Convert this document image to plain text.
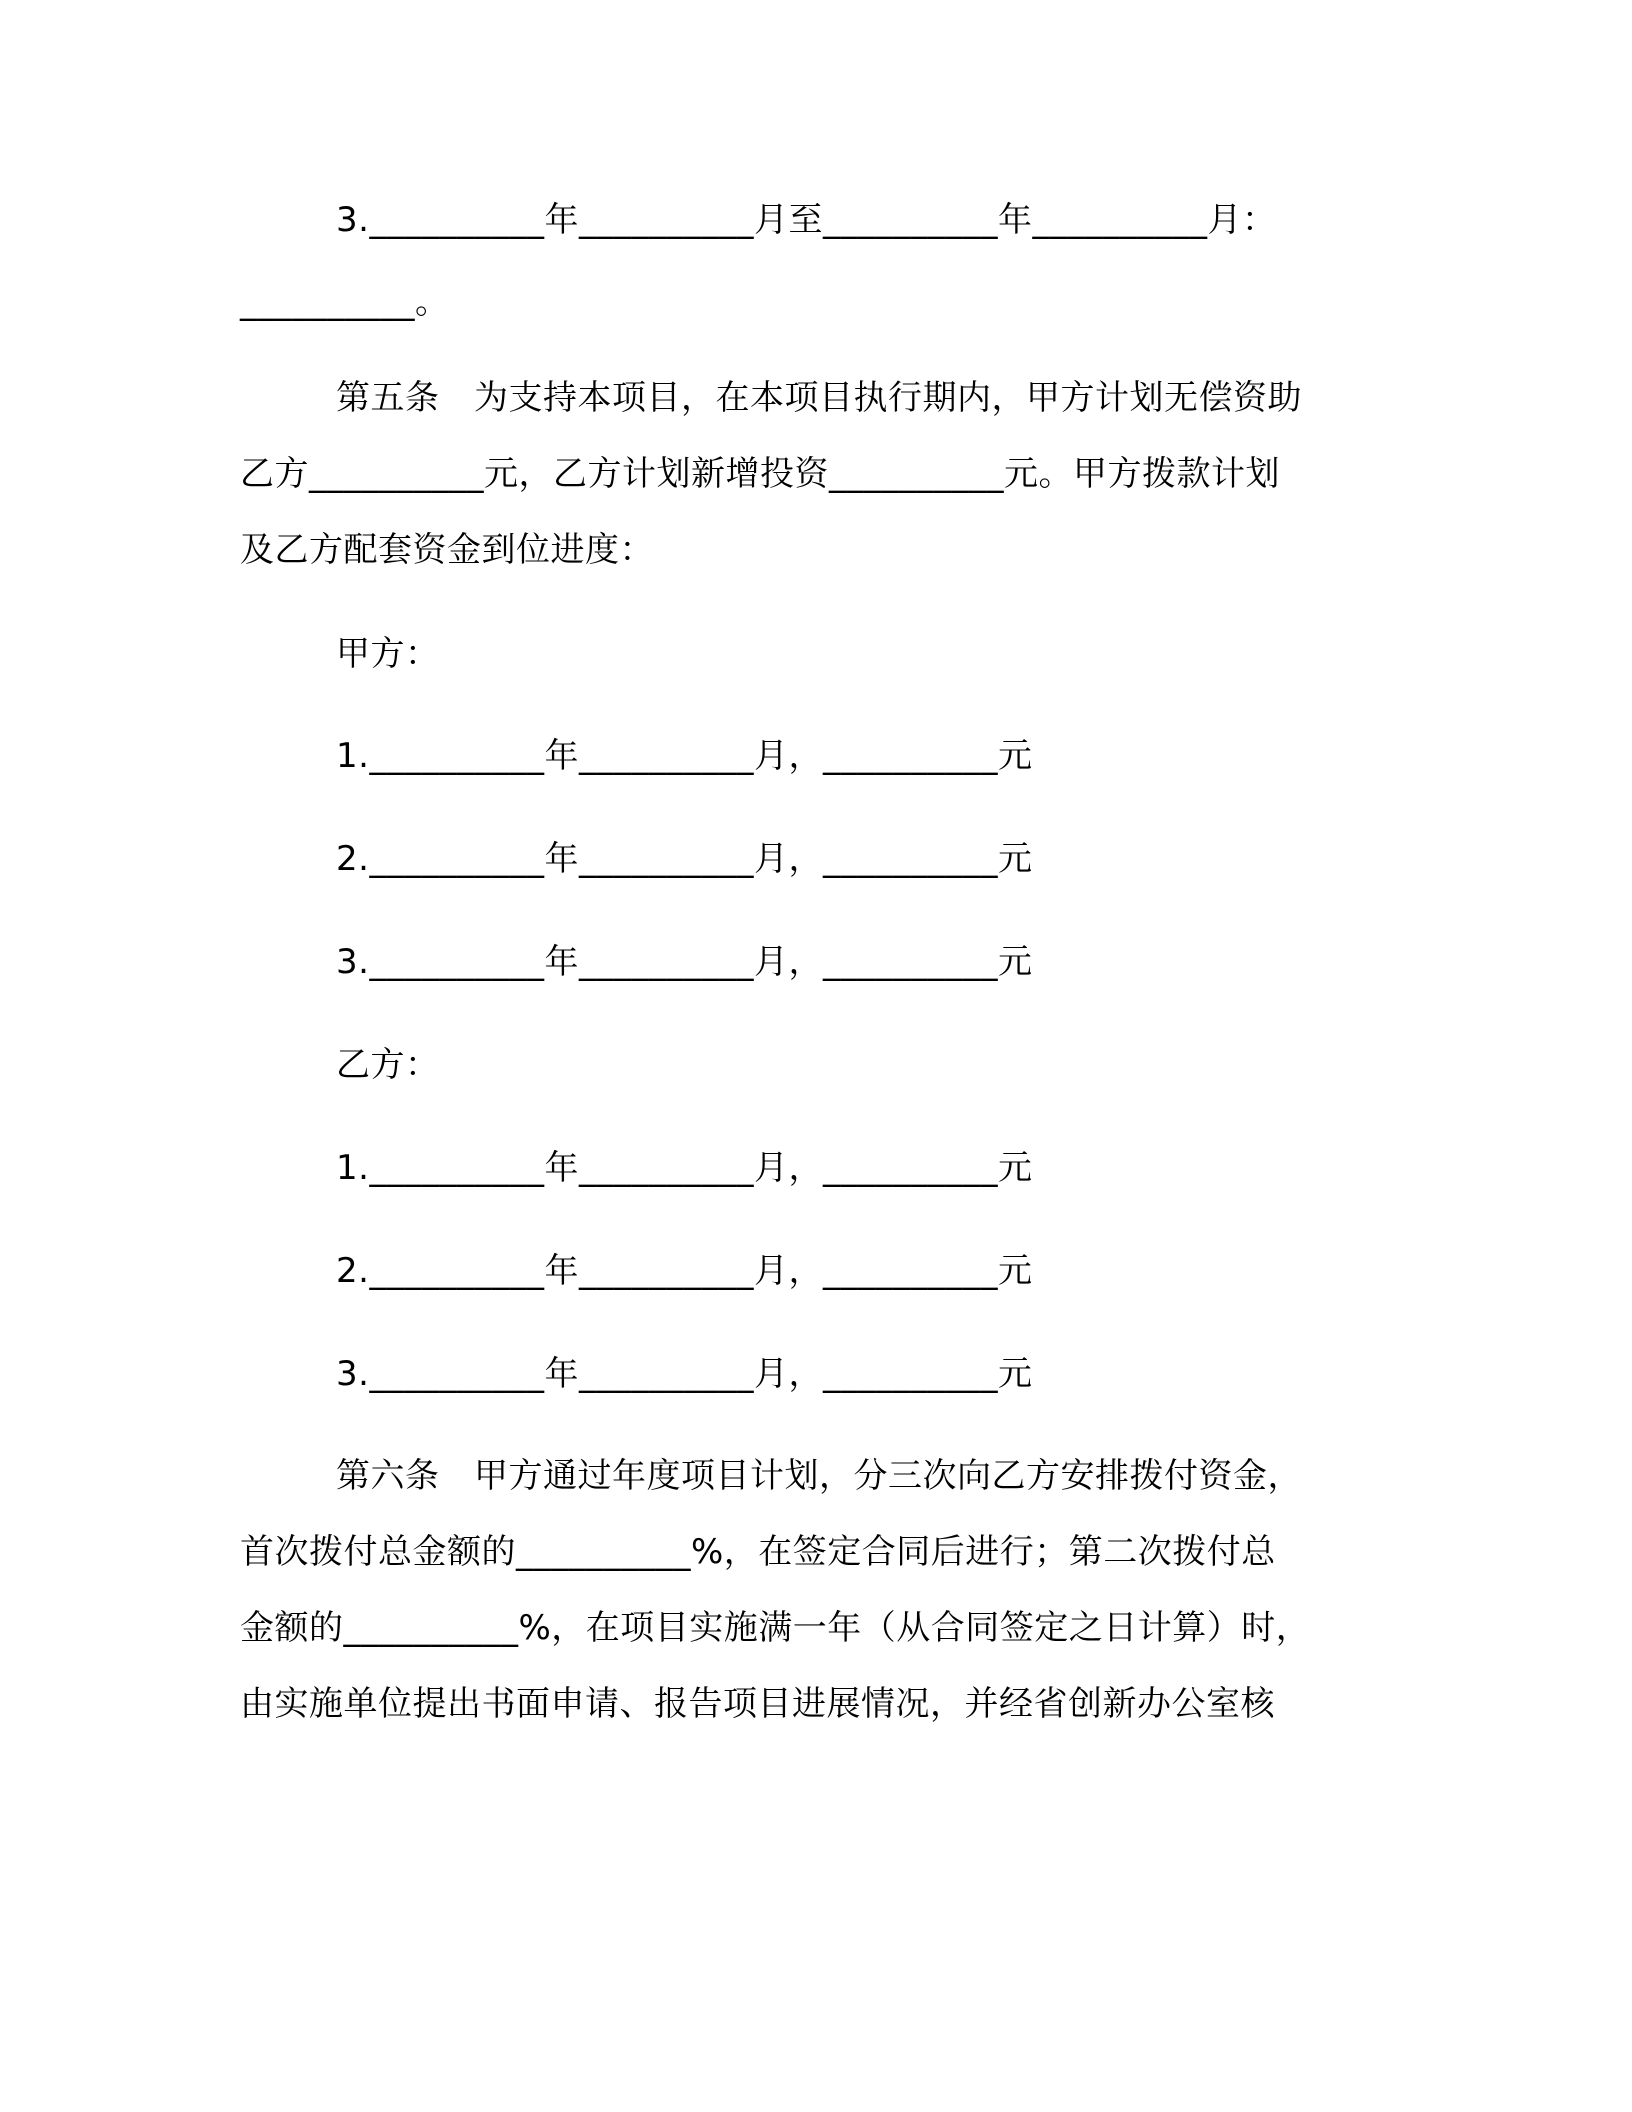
3.__________年__________月至__________年__________月：
__________。
第五条　为支持本项目，在本项目执行期内，甲方计划无偿资助
乙方__________元，乙方计划新增投资__________元。甲方拨款计划
及乙方配套资金到位进度：
甲方：
1.__________年__________月，__________元
2.__________年__________月，__________元
3.__________年__________月，__________元
乙方：
1.__________年__________月，__________元
2.__________年__________月，__________元
3.__________年__________月，__________元
第六条　甲方通过年度项目计划，分三次向乙方安排拨付资金，
首次拨付总金额的__________%，在签定合同后进行；第二次拨付总
金额的__________%，在项目实施满一年（从合同签定之日计算）时，
由实施单位提出书面申请、报告项目进展情况，并经省创新办公室核
